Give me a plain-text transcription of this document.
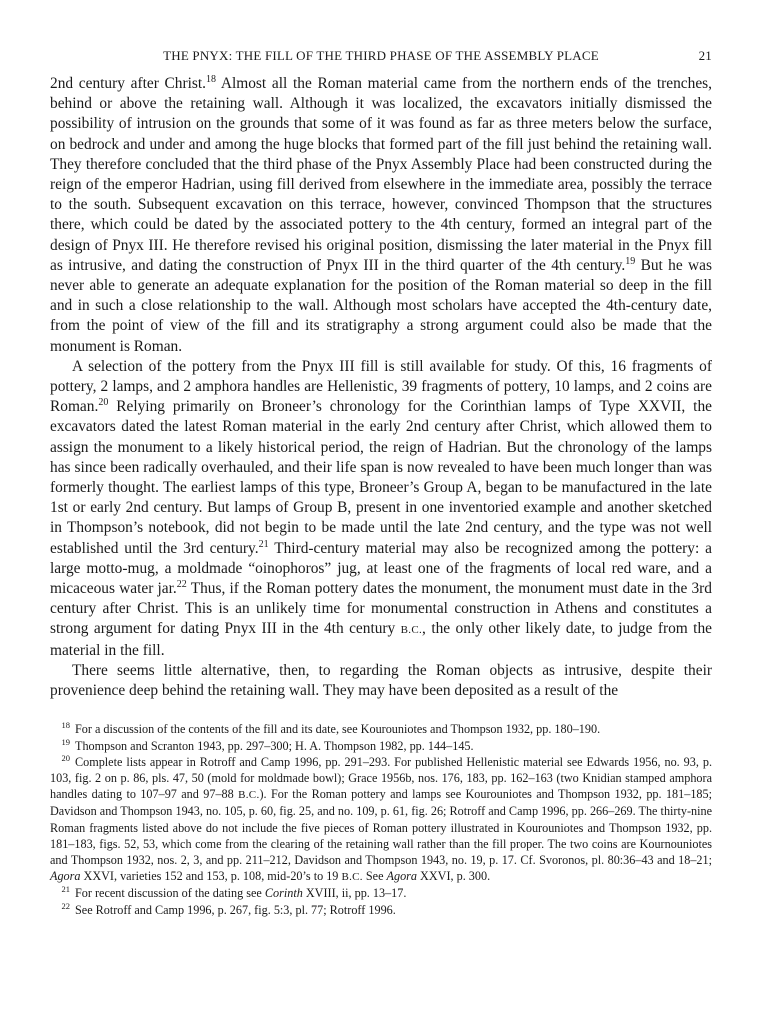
THE PNYX: THE FILL OF THE THIRD PHASE OF THE ASSEMBLY PLACE	21

2nd century after Christ.$^{18}$ Almost all the Roman material came from the northern ends of the trenches, behind or above the retaining wall. Although it was localized, the excavators initially dismissed the possibility of intrusion on the grounds that some of it was found as far as three meters below the surface, on bedrock and under and among the huge blocks that formed part of the fill just behind the retaining wall. They therefore concluded that the third phase of the Pnyx Assembly Place had been constructed during the reign of the emperor Hadrian, using fill derived from elsewhere in the immediate area, possibly the terrace to the south. Subsequent excavation on this terrace, however, convinced Thompson that the structures there, which could be dated by the associated pottery to the 4th century, formed an integral part of the design of Pnyx III. He therefore revised his original position, dismissing the later material in the Pnyx fill as intrusive, and dating the construction of Pnyx III in the third quarter of the 4th century.$^{19}$ But he was never able to generate an adequate explanation for the position of the Roman material so deep in the fill and in such a close relationship to the wall. Although most scholars have accepted the 4th-century date, from the point of view of the fill and its stratigraphy a strong argument could also be made that the monument is Roman.

A selection of the pottery from the Pnyx III fill is still available for study. Of this, 16 fragments of pottery, 2 lamps, and 2 amphora handles are Hellenistic, 39 fragments of pottery, 10 lamps, and 2 coins are Roman.$^{20}$ Relying primarily on Broneer’s chronology for the Corinthian lamps of Type XXVII, the excavators dated the latest Roman material in the early 2nd century after Christ, which allowed them to assign the monument to a likely historical period, the reign of Hadrian. But the chronology of the lamps has since been radically overhauled, and their life span is now revealed to have been much longer than was formerly thought. The earliest lamps of this type, Broneer’s Group A, began to be manufactured in the late 1st or early 2nd century. But lamps of Group B, present in one inventoried example and another sketched in Thompson’s notebook, did not begin to be made until the late 2nd century, and the type was not well established until the 3rd century.$^{21}$ Third-century material may also be recognized among the pottery: a large motto-mug, a moldmade “oinophoros” jug, at least one of the fragments of local red ware, and a micaceous water jar.$^{22}$ Thus, if the Roman pottery dates the monument, the monument must date in the 3rd century after Christ. This is an unlikely time for monumental construction in Athens and constitutes a strong argument for dating Pnyx III in the 4th century B.C., the only other likely date, to judge from the material in the fill.

There seems little alternative, then, to regarding the Roman objects as intrusive, despite their provenience deep behind the retaining wall. They may have been deposited as a result of the

$^{18}$ For a discussion of the contents of the fill and its date, see Kourouniotes and Thompson 1932, pp. 180–190.

$^{19}$ Thompson and Scranton 1943, pp. 297–300; H. A. Thompson 1982, pp. 144–145.

$^{20}$ Complete lists appear in Rotroff and Camp 1996, pp. 291–293. For published Hellenistic material see Edwards 1956, no. 93, p. 103, fig. 2 on p. 86, pls. 47, 50 (mold for moldmade bowl); Grace 1956b, nos. 176, 183, pp. 162–163 (two Knidian stamped amphora handles dating to 107–97 and 97–88 B.C.). For the Roman pottery and lamps see Kourouniotes and Thompson 1932, pp. 181–185; Davidson and Thompson 1943, no. 105, p. 60, fig. 25, and no. 109, p. 61, fig. 26; Rotroff and Camp 1996, pp. 266–269. The thirty-nine Roman fragments listed above do not include the five pieces of Roman pottery illustrated in Kourouniotes and Thompson 1932, pp. 181–183, figs. 52, 53, which come from the clearing of the retaining wall rather than the fill proper. The two coins are Kournouniotes and Thompson 1932, nos. 2, 3, and pp. 211–212, Davidson and Thompson 1943, no. 19, p. 17. Cf. Svoronos, pl. 80:36–43 and 18–21; Agora XXVI, varieties 152 and 153, p. 108, mid-20’s to 19 B.C. See Agora XXVI, p. 300.

$^{21}$ For recent discussion of the dating see Corinth XVIII, ii, pp. 13–17.

$^{22}$ See Rotroff and Camp 1996, p. 267, fig. 5:3, pl. 77; Rotroff 1996.
